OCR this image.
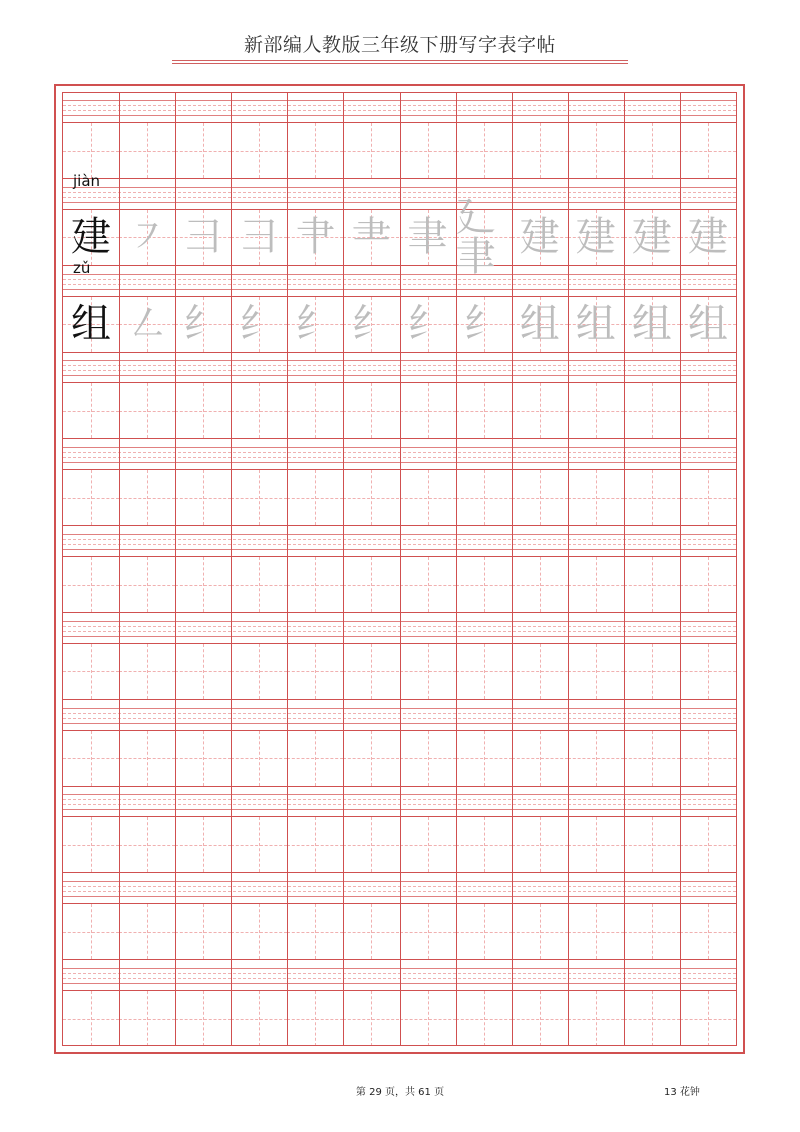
新部编人教版三年级下册写字表字帖
jiàn
建 ㇇ ⺕ ⺕ 肀 ⺻ 聿 廴聿 建 建 建 建
zǔ
组 ㇜ 纟 纟 纟 纟 纟 纟 组 组 组 组
第 29 页，共 61 页	13 花钟
